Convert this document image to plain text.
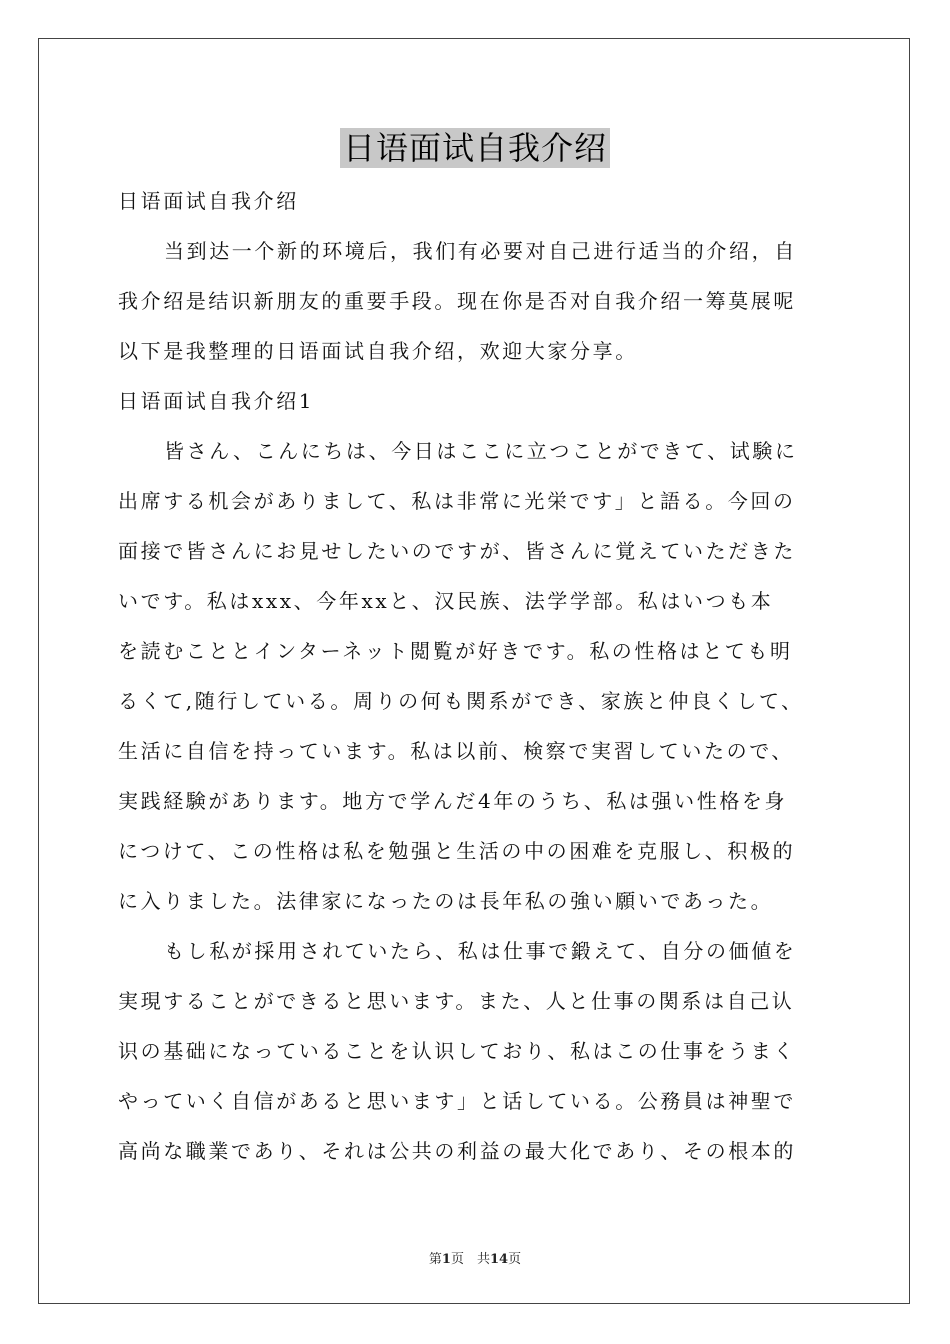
日语面试自我介绍
日语面试自我介绍
当到达一个新的环境后，我们有必要对自己进行适当的介绍，自
我介绍是结识新朋友的重要手段。现在你是否对自我介绍一筹莫展呢
以下是我整理的日语面试自我介绍，欢迎大家分享。
日语面试自我介绍1
皆さん、こんにちは、今日はここに立つことができて、试験に
出席する机会がありまして、私は非常に光栄です」と語る。今回の
面接で皆さんにお見せしたいのですが、皆さんに覚えていただきた
いです。私はxxx、今年xxと、汉民族、法学学部。私はいつも本
を読むこととインターネット閲覧が好きです。私の性格はとても明
るくて,随行している。周りの何も関系ができ、家族と仲良くして、
生活に自信を持っています。私は以前、検察で実習していたので、
実践経験があります。地方で学んだ4年のうち、私は强い性格を身
につけて、この性格は私を勉强と生活の中の困难を克服し、积极的
に入りました。法律家になったのは長年私の強い願いであった。
もし私が採用されていたら、私は仕事で鍛えて、自分の価値を
実現することができると思います。また、人と仕事の関系は自己认
识の基础になっていることを认识しており、私はこの仕事をうまく
やっていく自信があると思います」と话している。公務員は神聖で
高尚な職業であり、それは公共の利益の最大化であり、その根本的
第1页　共14页
